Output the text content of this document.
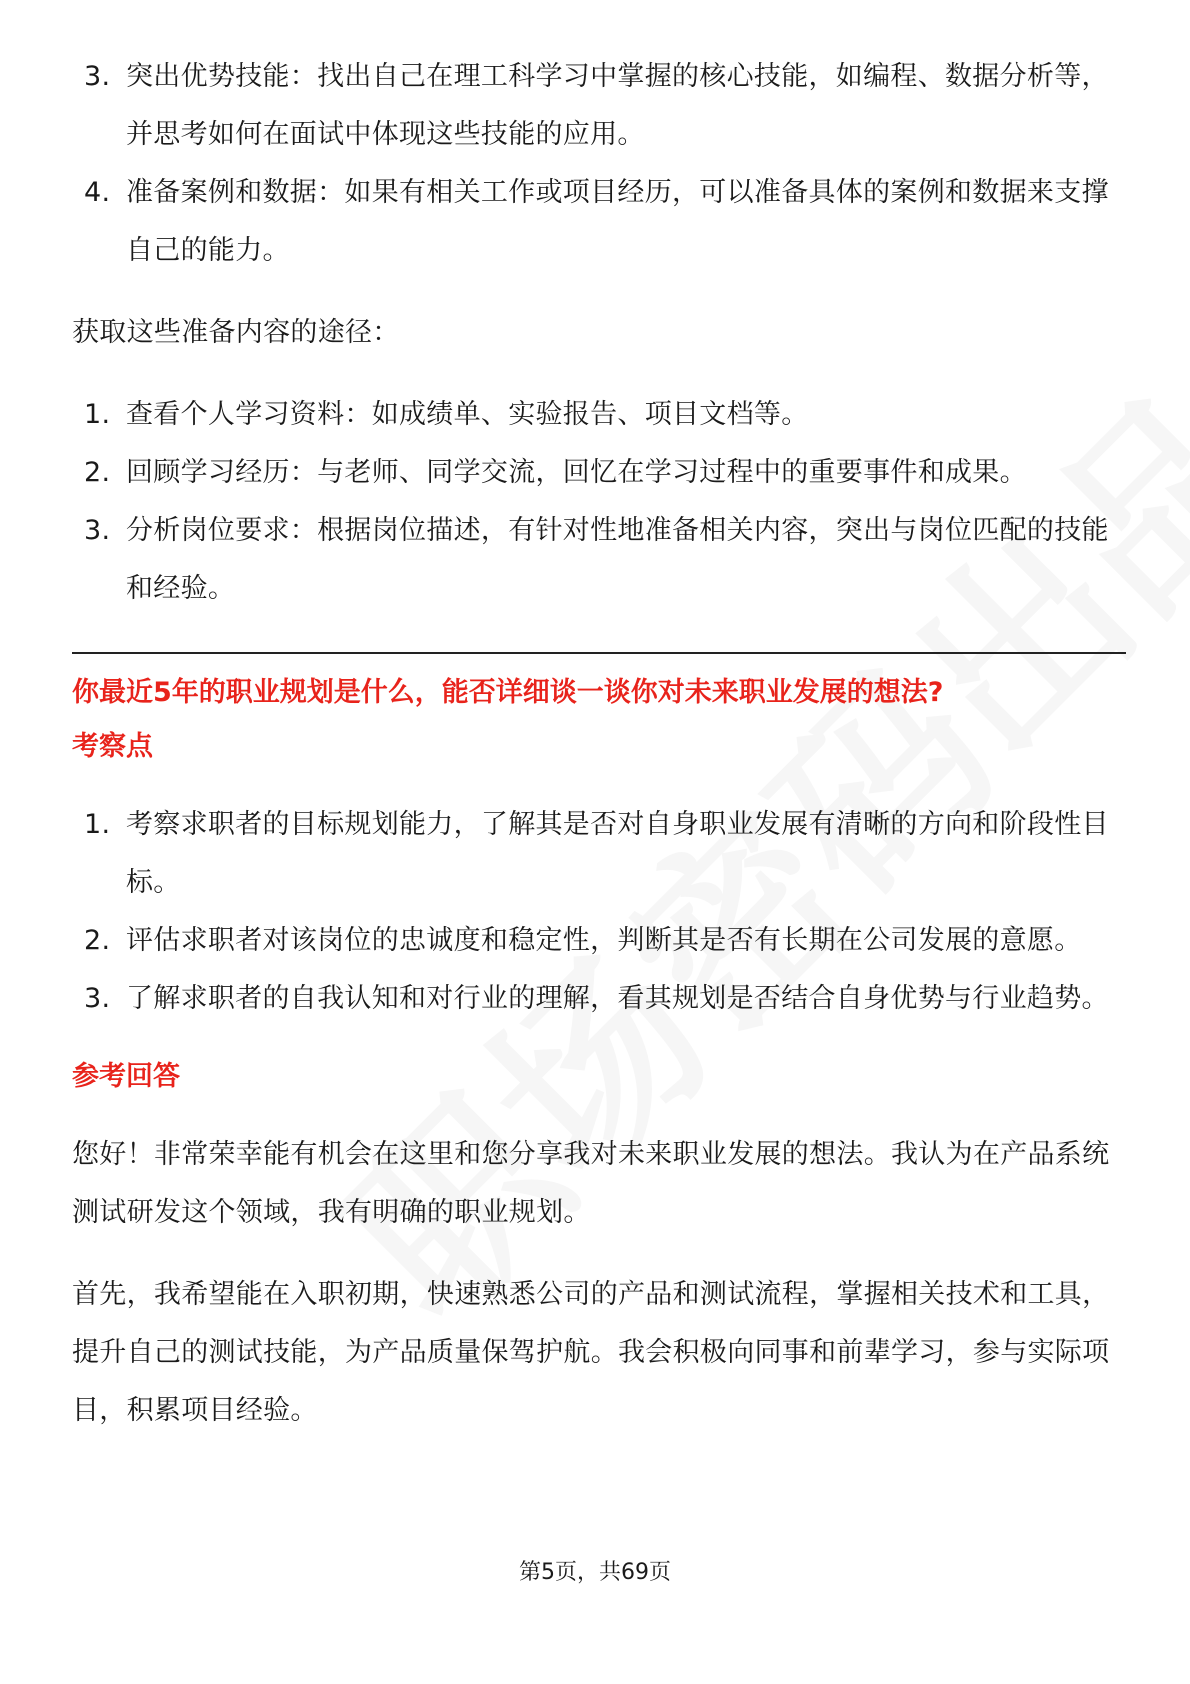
3. 突出优势技能：找出自己在理工科学习中掌握的核心技能，如编程、数据分析等，并思考如何在面试中体现这些技能的应用。
4. 准备案例和数据：如果有相关工作或项目经历，可以准备具体的案例和数据来支撑自己的能力。

获取这些准备内容的途径：

1. 查看个人学习资料：如成绩单、实验报告、项目文档等。
2. 回顾学习经历：与老师、同学交流，回忆在学习过程中的重要事件和成果。
3. 分析岗位要求：根据岗位描述，有针对性地准备相关内容，突出与岗位匹配的技能和经验。

你最近5年的职业规划是什么，能否详细谈一谈你对未来职业发展的想法?

考察点

1. 考察求职者的目标规划能力，了解其是否对自身职业发展有清晰的方向和阶段性目标。
2. 评估求职者对该岗位的忠诚度和稳定性，判断其是否有长期在公司发展的意愿。
3. 了解求职者的自我认知和对行业的理解，看其规划是否结合自身优势与行业趋势。

参考回答

您好！非常荣幸能有机会在这里和您分享我对未来职业发展的想法。我认为在产品系统测试研发这个领域，我有明确的职业规划。

首先，我希望能在入职初期，快速熟悉公司的产品和测试流程，掌握相关技术和工具，提升自己的测试技能，为产品质量保驾护航。我会积极向同事和前辈学习，参与实际项目，积累项目经验。

第5页，共69页
